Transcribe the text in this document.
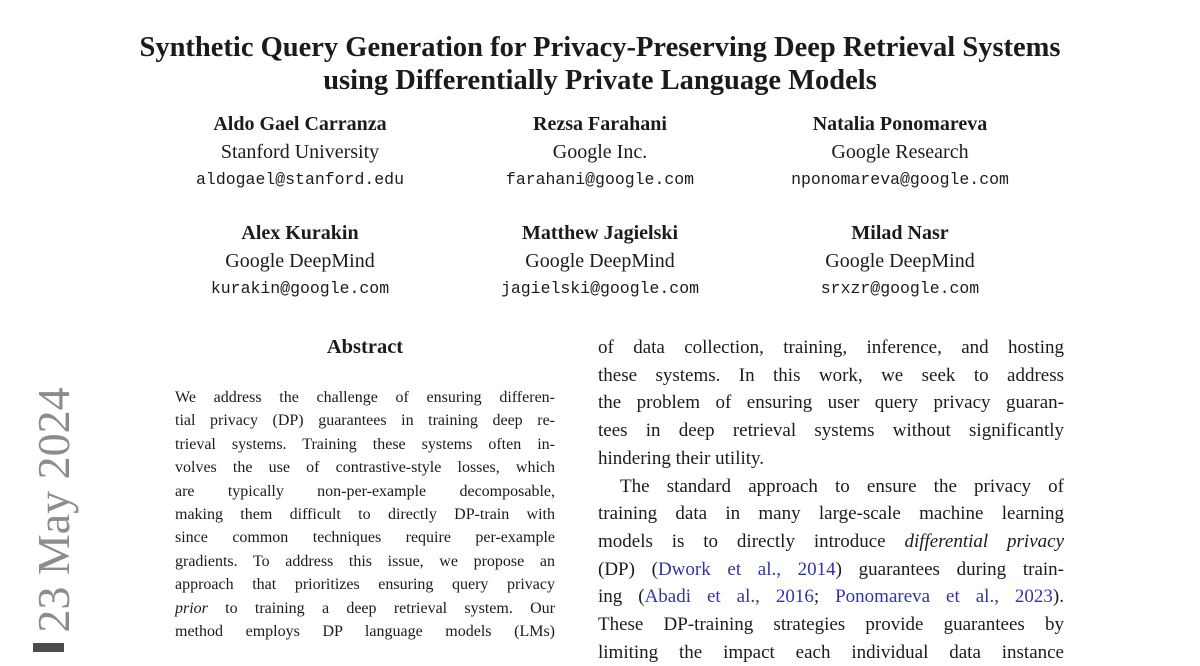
23 May 2024
Synthetic Query Generation for Privacy-Preserving Deep Retrieval Systems
using Differentially Private Language Models
Aldo Gael Carranza
Stanford University
aldogael@stanford.edu
Rezsa Farahani
Google Inc.
farahani@google.com
Natalia Ponomareva
Google Research
nponomareva@google.com
Alex Kurakin
Google DeepMind
kurakin@google.com
Matthew Jagielski
Google DeepMind
jagielski@google.com
Milad Nasr
Google DeepMind
srxzr@google.com
Abstract
We address the challenge of ensuring differen-
tial privacy (DP) guarantees in training deep re-
trieval systems. Training these systems often in-
volves the use of contrastive-style losses, which
are typically non-per-example decomposable,
making them difficult to directly DP-train with
since common techniques require per-example
gradients. To address this issue, we propose an
approach that prioritizes ensuring query privacy
prior to training a deep retrieval system. Our
method employs DP language models (LMs)
of data collection, training, inference, and hosting
these systems. In this work, we seek to address
the problem of ensuring user query privacy guaran-
tees in deep retrieval systems without significantly
hindering their utility.
The standard approach to ensure the privacy of
training data in many large-scale machine learning
models is to directly introduce differential privacy
(DP) (Dwork et al., 2014) guarantees during train-
ing (Abadi et al., 2016; Ponomareva et al., 2023).
These DP-training strategies provide guarantees by
limiting the impact each individual data instance
